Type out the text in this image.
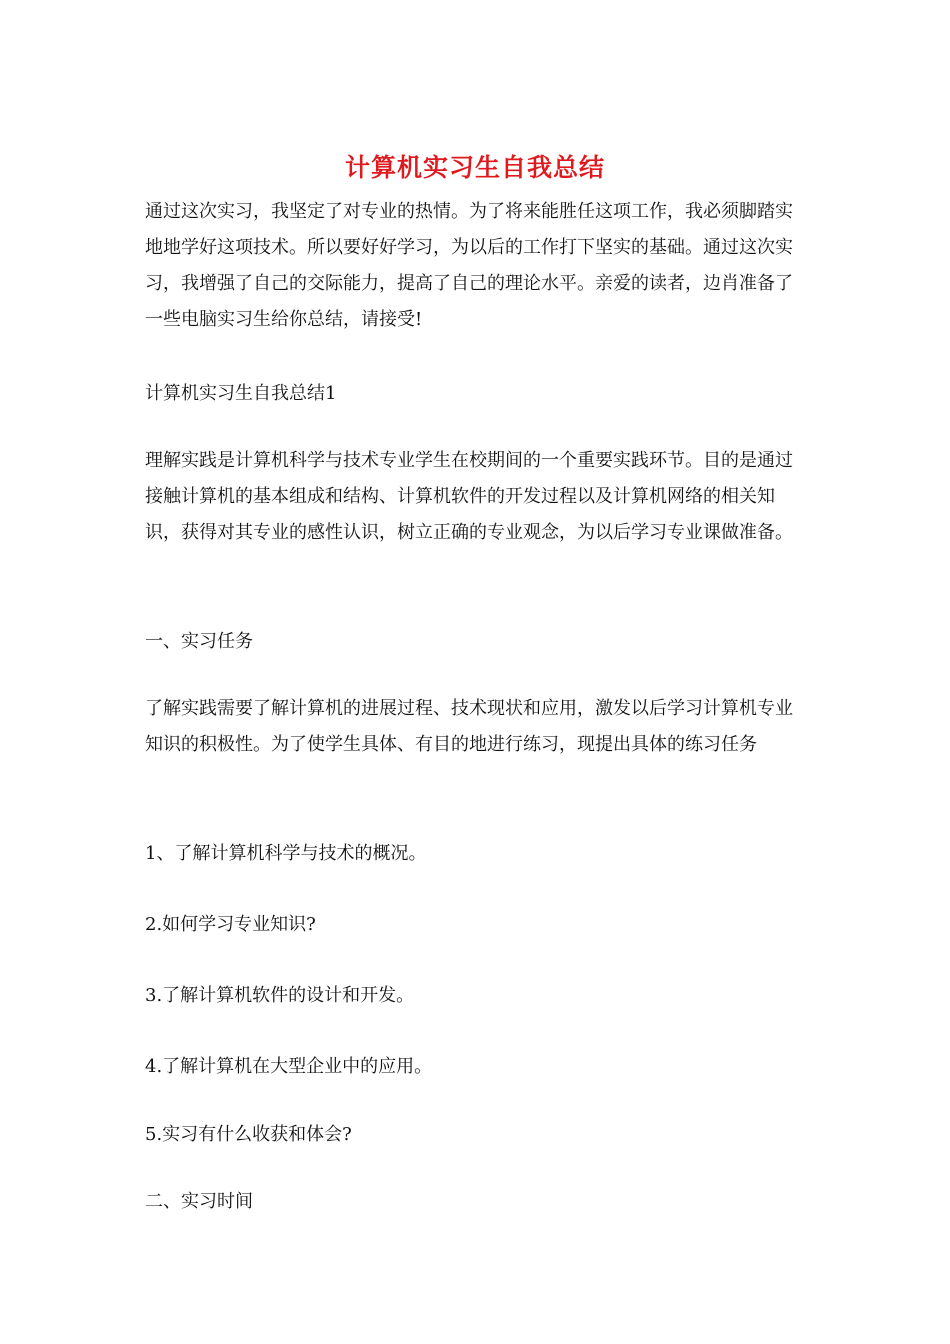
计算机实习生自我总结

通过这次实习，我坚定了对专业的热情。为了将来能胜任这项工作，我必须脚踏实地地学好这项技术。所以要好好学习，为以后的工作打下坚实的基础。通过这次实习，我增强了自己的交际能力，提高了自己的理论水平。亲爱的读者，边肖准备了一些电脑实习生给你总结，请接受!

计算机实习生自我总结1

理解实践是计算机科学与技术专业学生在校期间的一个重要实践环节。目的是通过接触计算机的基本组成和结构、计算机软件的开发过程以及计算机网络的相关知识，获得对其专业的感性认识，树立正确的专业观念，为以后学习专业课做准备。

一、实习任务

了解实践需要了解计算机的进展过程、技术现状和应用，激发以后学习计算机专业知识的积极性。为了使学生具体、有目的地进行练习，现提出具体的练习任务

1、了解计算机科学与技术的概况。

2.如何学习专业知识?

3.了解计算机软件的设计和开发。

4.了解计算机在大型企业中的应用。

5.实习有什么收获和体会?

二、实习时间
